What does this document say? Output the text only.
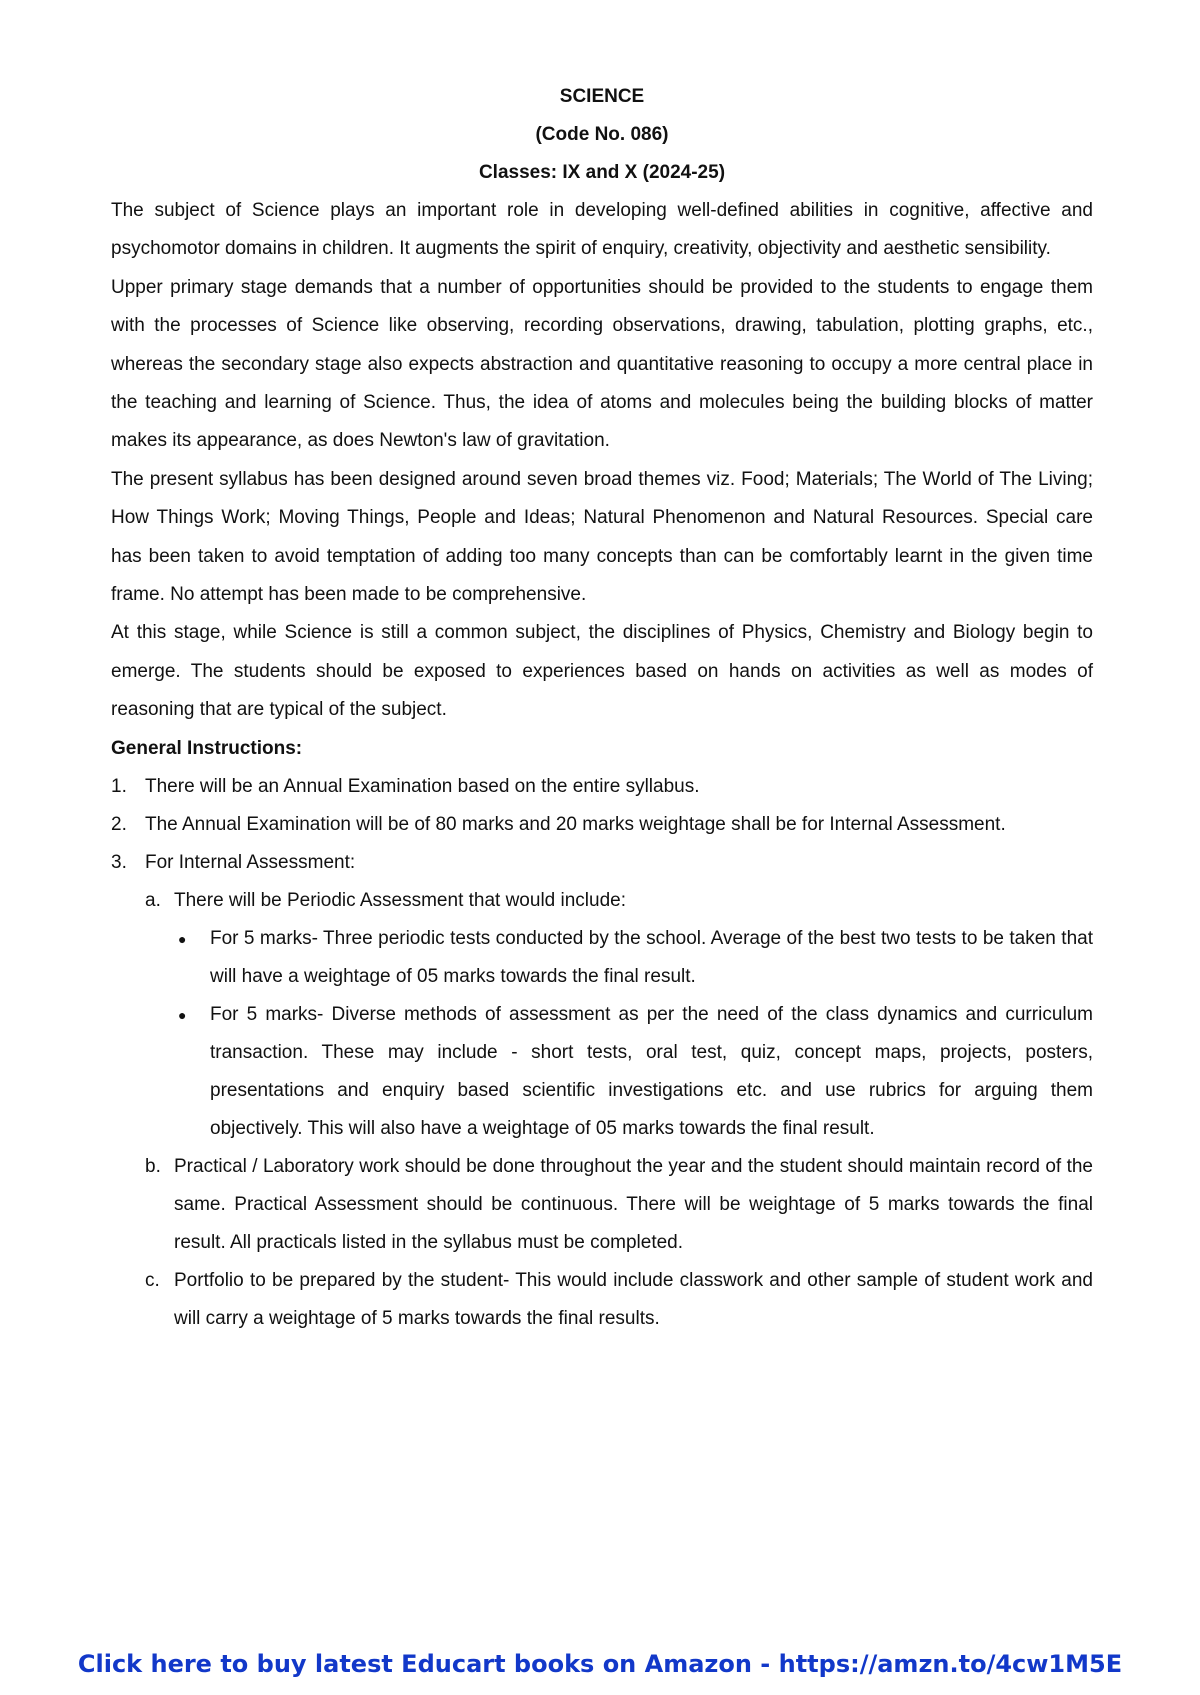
SCIENCE
(Code No. 086)
Classes: IX and X (2024-25)

The subject of Science plays an important role in developing well-defined abilities in cognitive, affective and psychomotor domains in children. It augments the spirit of enquiry, creativity, objectivity and aesthetic sensibility.

Upper primary stage demands that a number of opportunities should be provided to the students to engage them with the processes of Science like observing, recording observations, drawing, tabulation, plotting graphs, etc., whereas the secondary stage also expects abstraction and quantitative reasoning to occupy a more central place in the teaching and learning of Science. Thus, the idea of atoms and molecules being the building blocks of matter makes its appearance, as does Newton's law of gravitation.

The present syllabus has been designed around seven broad themes viz. Food; Materials; The World of The Living; How Things Work; Moving Things, People and Ideas; Natural Phenomenon and Natural Resources. Special care has been taken to avoid temptation of adding too many concepts than can be comfortably learnt in the given time frame. No attempt has been made to be comprehensive.

At this stage, while Science is still a common subject, the disciplines of Physics, Chemistry and Biology begin to emerge. The students should be exposed to experiences based on hands on activities as well as modes of reasoning that are typical of the subject.

General Instructions:
1. There will be an Annual Examination based on the entire syllabus.
2. The Annual Examination will be of 80 marks and 20 marks weightage shall be for Internal Assessment.
3. For Internal Assessment:
a. There will be Periodic Assessment that would include:
● For 5 marks- Three periodic tests conducted by the school. Average of the best two tests to be taken that will have a weightage of 05 marks towards the final result.
● For 5 marks- Diverse methods of assessment as per the need of the class dynamics and curriculum transaction. These may include - short tests, oral test, quiz, concept maps, projects, posters, presentations and enquiry based scientific investigations etc. and use rubrics for arguing them objectively. This will also have a weightage of 05 marks towards the final result.
b. Practical / Laboratory work should be done throughout the year and the student should maintain record of the same. Practical Assessment should be continuous. There will be weightage of 5 marks towards the final result. All practicals listed in the syllabus must be completed.
c. Portfolio to be prepared by the student- This would include classwork and other sample of student work and will carry a weightage of 5 marks towards the final results.
Click here to buy latest Educart books on Amazon - https://amzn.to/4cw1M5E
